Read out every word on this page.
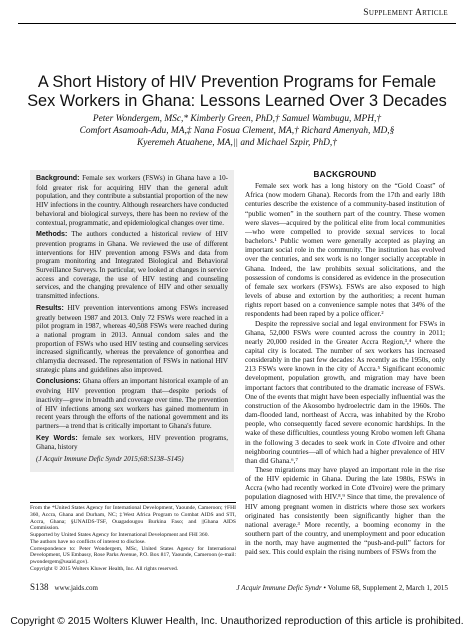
Supplement Article
A Short History of HIV Prevention Programs for Female Sex Workers in Ghana: Lessons Learned Over 3 Decades
Peter Wondergem, MSc,* Kimberly Green, PhD,† Samuel Wambugu, MPH,†
Comfort Asamoah-Adu, MA,‡ Nana Fosua Clement, MA,† Richard Amenyah, MD,§
Kyeremeh Atuahene, MA,|| and Michael Szpir, PhD,†

Background: Female sex workers (FSWs) in Ghana have a 10-fold greater risk for acquiring HIV than the general adult population, and they contribute a substantial proportion of the new HIV infections in the country. Although researchers have conducted behavioral and biological surveys, there has been no review of the contextual, programmatic, and epidemiological changes over time.

Methods: The authors conducted a historical review of HIV prevention programs in Ghana. We reviewed the use of different interventions for HIV prevention among FSWs and data from program monitoring and Integrated Biological and Behavioral Surveillance Surveys. In particular, we looked at changes in service access and coverage, the use of HIV testing and counseling services, and the changing prevalence of HIV and other sexually transmitted infections.

Results: HIV prevention interventions among FSWs increased greatly between 1987 and 2013. Only 72 FSWs were reached in a pilot program in 1987, whereas 40,508 FSWs were reached during a national program in 2013. Annual condom sales and the proportion of FSWs who used HIV testing and counseling services increased significantly, whereas the prevalence of gonorrhea and chlamydia decreased. The representation of FSWs in national HIV strategic plans and guidelines also improved.

Conclusions: Ghana offers an important historical example of an evolving HIV prevention program that—despite periods of inactivity—grew in breadth and coverage over time. The prevention of HIV infections among sex workers has gained momentum in recent years through the efforts of the national government and its partners—a trend that is critically important to Ghana's future.

Key Words: female sex workers, HIV prevention programs, Ghana, history

(J Acquir Immune Defic Syndr 2015;68:S138–S145)

From the *United States Agency for International Development, Yaounde, Cameroon; †FHI 360, Accra, Ghana and Durham, NC; ‡West Africa Program to Combat AIDS and STI, Accra, Ghana; §UNAIDS-TSF, Ouagadougou Burkina Faso; and ||Ghana AIDS Commission.

Supported by United States Agency for International Development and FHI 360.

The authors have no conflicts of interest to disclose.

Correspondence to: Peter Wondergem, MSc, United States Agency for International Development, US Embassy, Rose Parks Avenue, P.O. Box 817, Yaounde, Cameroon (e-mail: pwondergem@usaid.gov).

Copyright © 2015 Wolters Kluwer Health, Inc. All rights reserved.

BACKGROUND

Female sex work has a long history on the “Gold Coast” of Africa (now modern Ghana). Records from the 17th and early 18th centuries describe the existence of a community-based institution of “public women” in the southern part of the country. These women were slaves—acquired by the political elite from local communities—who were compelled to provide sexual services to local bachelors.¹ Public women were generally accepted as playing an important social role in the community. The institution has evolved over the centuries, and sex work is no longer socially acceptable in Ghana. Indeed, the law prohibits sexual solicitations, and the possession of condoms is considered as evidence in the prosecution of female sex workers (FSWs). FSWs are also exposed to high levels of abuse and extortion by the authorities; a recent human rights report based on a convenience sample notes that 34% of the respondents had been raped by a police officer.²

Despite the repressive social and legal environment for FSWs in Ghana, 52,000 FSWs were counted across the country in 2011; nearly 20,000 resided in the Greater Accra Region,³,⁴ where the capital city is located. The number of sex workers has increased considerably in the past few decades: As recently as the 1950s, only 213 FSWs were known in the city of Accra.⁵ Significant economic development, population growth, and migration may have been important factors that contributed to the dramatic increase of FSWs. One of the events that might have been especially influential was the construction of the Akosombo hydroelectric dam in the 1960s. The dam-flooded land, northeast of Accra, was inhabited by the Krobo people, who consequently faced severe economic hardships. In the wake of these difficulties, countless young Krobo women left Ghana in the following 3 decades to seek work in Cote d'Ivoire and other neighboring countries—all of which had a higher prevalence of HIV than did Ghana.⁶,⁷

These migrations may have played an important role in the rise of the HIV epidemic in Ghana. During the late 1980s, FSWs in Accra (who had recently worked in Cote d'Ivoire) were the primary population diagnosed with HIV.⁸,⁹ Since that time, the prevalence of HIV among pregnant women in districts where those sex workers originated has consistently been significantly higher than the national average.³ More recently, a booming economy in the southern part of the country, and unemployment and poor education in the north, may have augmented the “push-and-pull” factors for paid sex. This could explain the rising numbers of FSWs from the

S138 www.jaids.com	J Acquir Immune Defic Syndr • Volume 68, Supplement 2, March 1, 2015
Copyright © 2015 Wolters Kluwer Health, Inc. Unauthorized reproduction of this article is prohibited.
